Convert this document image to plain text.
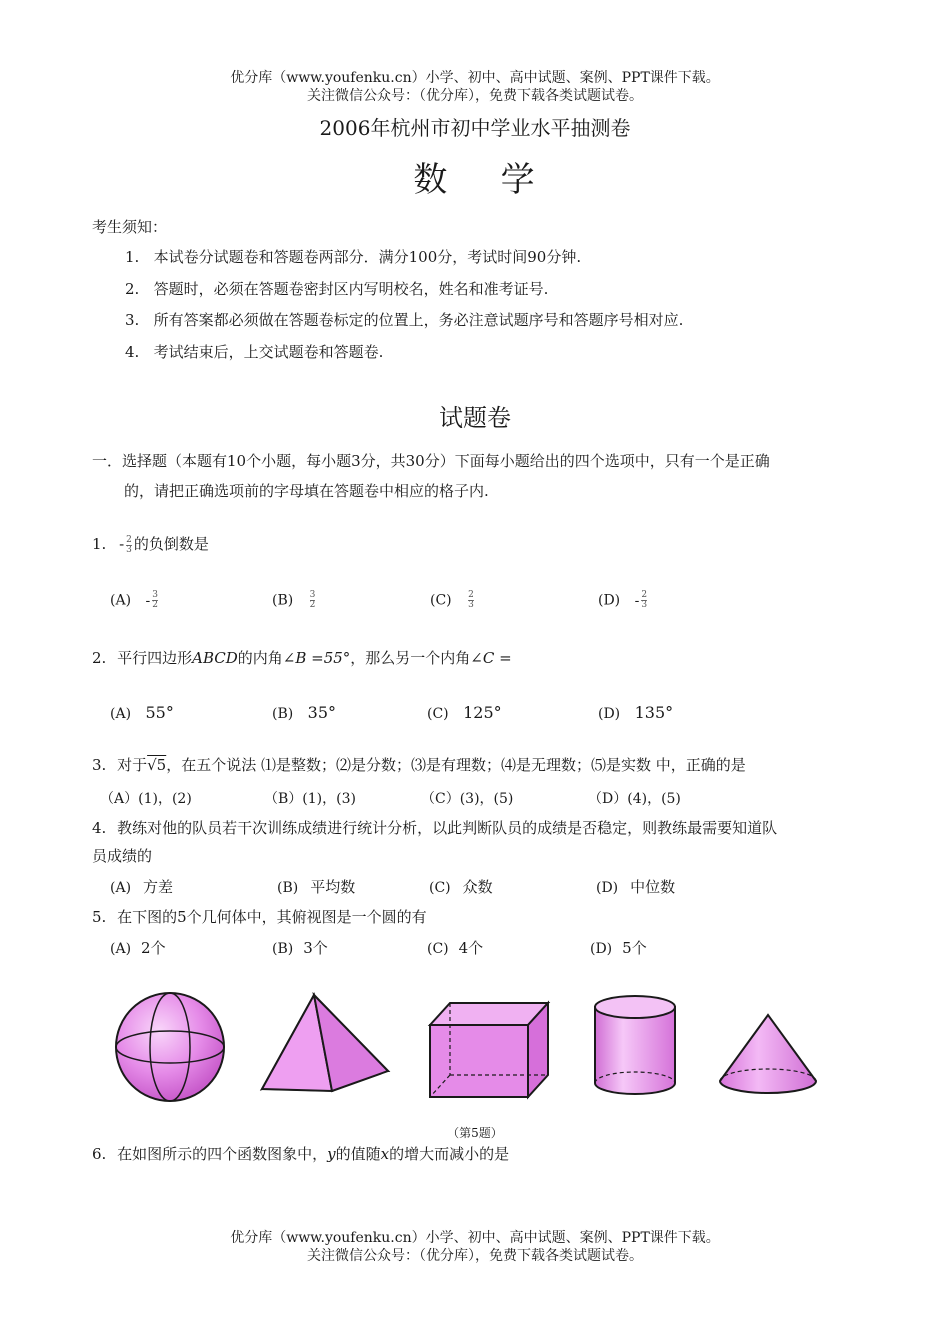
优分库（www.youfenku.cn）小学、初中、高中试题、案例、PPT课件下载。
关注微信公众号：（优分库），免费下载各类试题试卷。
2006年杭州市初中学业水平抽测卷
数    学
考生须知：
1.   本试卷分试题卷和答题卷两部分．满分100分，考试时间90分钟.
2.   答题时，必须在答题卷密封区内写明校名，姓名和准考证号.
3.   所有答案都必须做在答题卷标定的位置上，务必注意试题序号和答题序号相对应.
4.   考试结束后，上交试题卷和答题卷.
试题卷
一．选择题（本题有10个小题，每小题3分，共30分）下面每小题给出的四个选项中，只有一个是正确
的，请把正确选项前的字母填在答题卷中相应的格子内.
1. - $\frac{2}{3}$ 的负倒数是
$(A) - \frac{3}{2}$	$(B) \frac{3}{2}$	$(C) \frac{2}{3}$	$(D) - \frac{2}{3}$
2. 平行四边形ABCD的内角∠B =55°，那么另一个内角∠C =
(A) 55°	(B) 35°	(C) 125°	(D) 135°
3. 对于√5，在五个说法 ⑴是整数；⑵是分数；⑶是有理数；⑷是无理数；⑸是实数 中，正确的是
（A）(1)，(2)	（B）(1)，(3)	（C）(3)，(5)	（D）(4)，(5)
4. 教练对他的队员若干次训练成绩进行统计分析，以此判断队员的成绩是否稳定，则教练最需要知道队
员成绩的
(A) 方差	(B) 平均数	(C) 众数	(D) 中位数
5. 在下图的5个几何体中，其俯视图是一个圆的有
(A) 2个	(B) 3个	(C) 4个	(D) 5个
（第5题）
6. 在如图所示的四个函数图象中，y的值随x的增大而减小的是
优分库（www.youfenku.cn）小学、初中、高中试题、案例、PPT课件下载。
关注微信公众号：（优分库），免费下载各类试题试卷。
